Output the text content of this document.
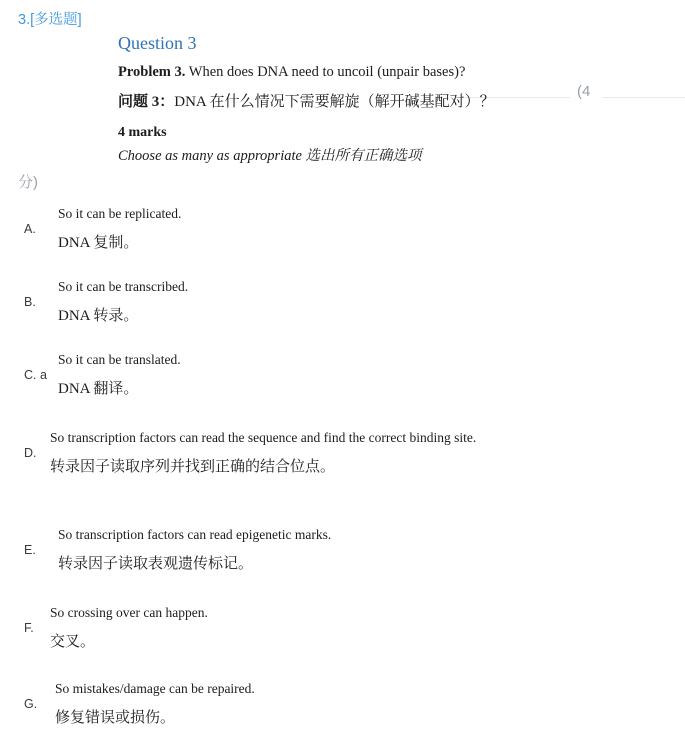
3.[多选题]
(4
分)
Question 3
Problem 3. When does DNA need to uncoil (unpair bases)?
问题 3：DNA 在什么情况下需要解旋（解开碱基配对）？
4 marks
Choose as many as appropriate 选出所有正确选项
A.
So it can be replicated.
DNA 复制。
B.
So it can be transcribed.
DNA 转录。
C. a
So it can be translated.
DNA 翻译。
D.
So transcription factors can read the sequence and find the correct binding site.
转录因子读取序列并找到正确的结合位点。
E.
So transcription factors can read epigenetic marks.
转录因子读取表观遗传标记。
F.
So crossing over can happen.
交叉。
G.
So mistakes/damage can be repaired.
修复错误或损伤。
